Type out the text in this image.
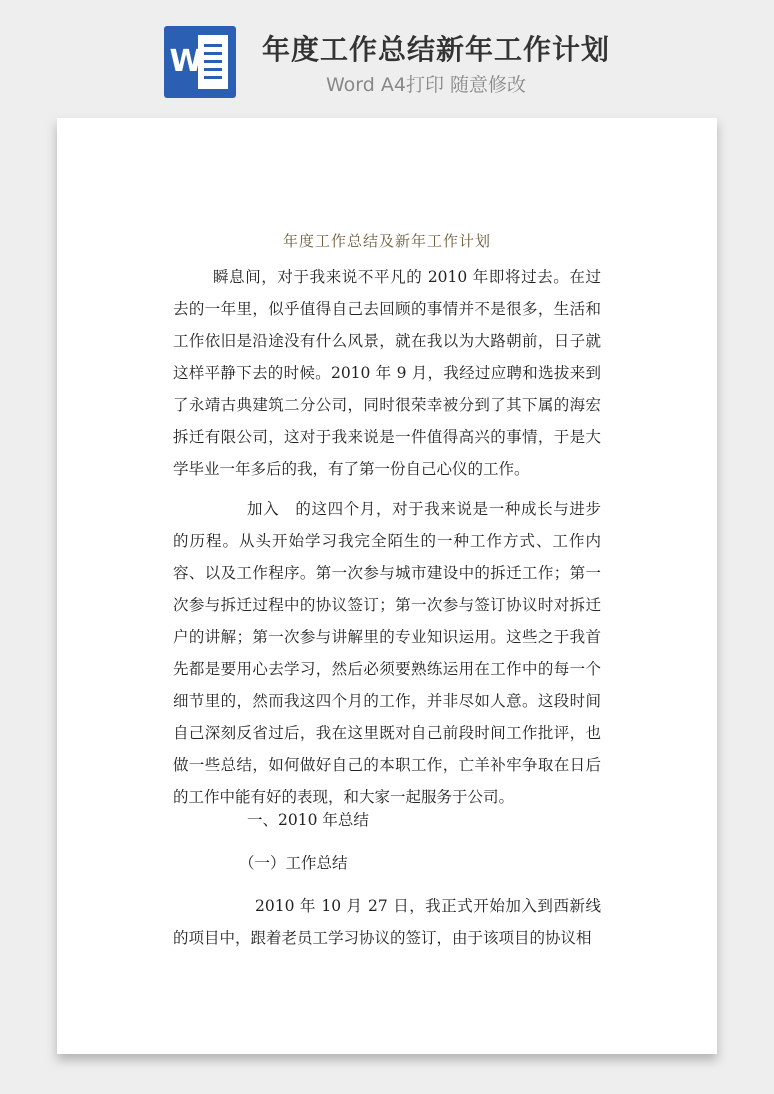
W 年度工作总结新年工作计划
Word A4打印 随意修改

年度工作总结及新年工作计划

瞬息间，对于我来说不平凡的 2010 年即将过去。在过去的一年里，似乎值得自己去回顾的事情并不是很多，生活和工作依旧是沿途没有什么风景，就在我以为大路朝前，日子就这样平静下去的时候。2010 年 9 月，我经过应聘和选拔来到了永靖古典建筑二分公司，同时很荣幸被分到了其下属的海宏拆迁有限公司，这对于我来说是一件值得高兴的事情，于是大学毕业一年多后的我，有了第一份自己心仪的工作。

加入　的这四个月，对于我来说是一种成长与进步的历程。从头开始学习我完全陌生的一种工作方式、工作内容、以及工作程序。第一次参与城市建设中的拆迁工作；第一次参与拆迁过程中的协议签订；第一次参与签订协议时对拆迁户的讲解；第一次参与讲解里的专业知识运用。这些之于我首先都是要用心去学习，然后必须要熟练运用在工作中的每一个细节里的，然而我这四个月的工作，并非尽如人意。这段时间自己深刻反省过后，我在这里既对自己前段时间工作批评，也做一些总结，如何做好自己的本职工作，亡羊补牢争取在日后的工作中能有好的表现，和大家一起服务于公司。

一、2010 年总结
（一）工作总结

2010 年 10 月 27 日，我正式开始加入到西新线的项目中，跟着老员工学习协议的签订，由于该项目的协议相
